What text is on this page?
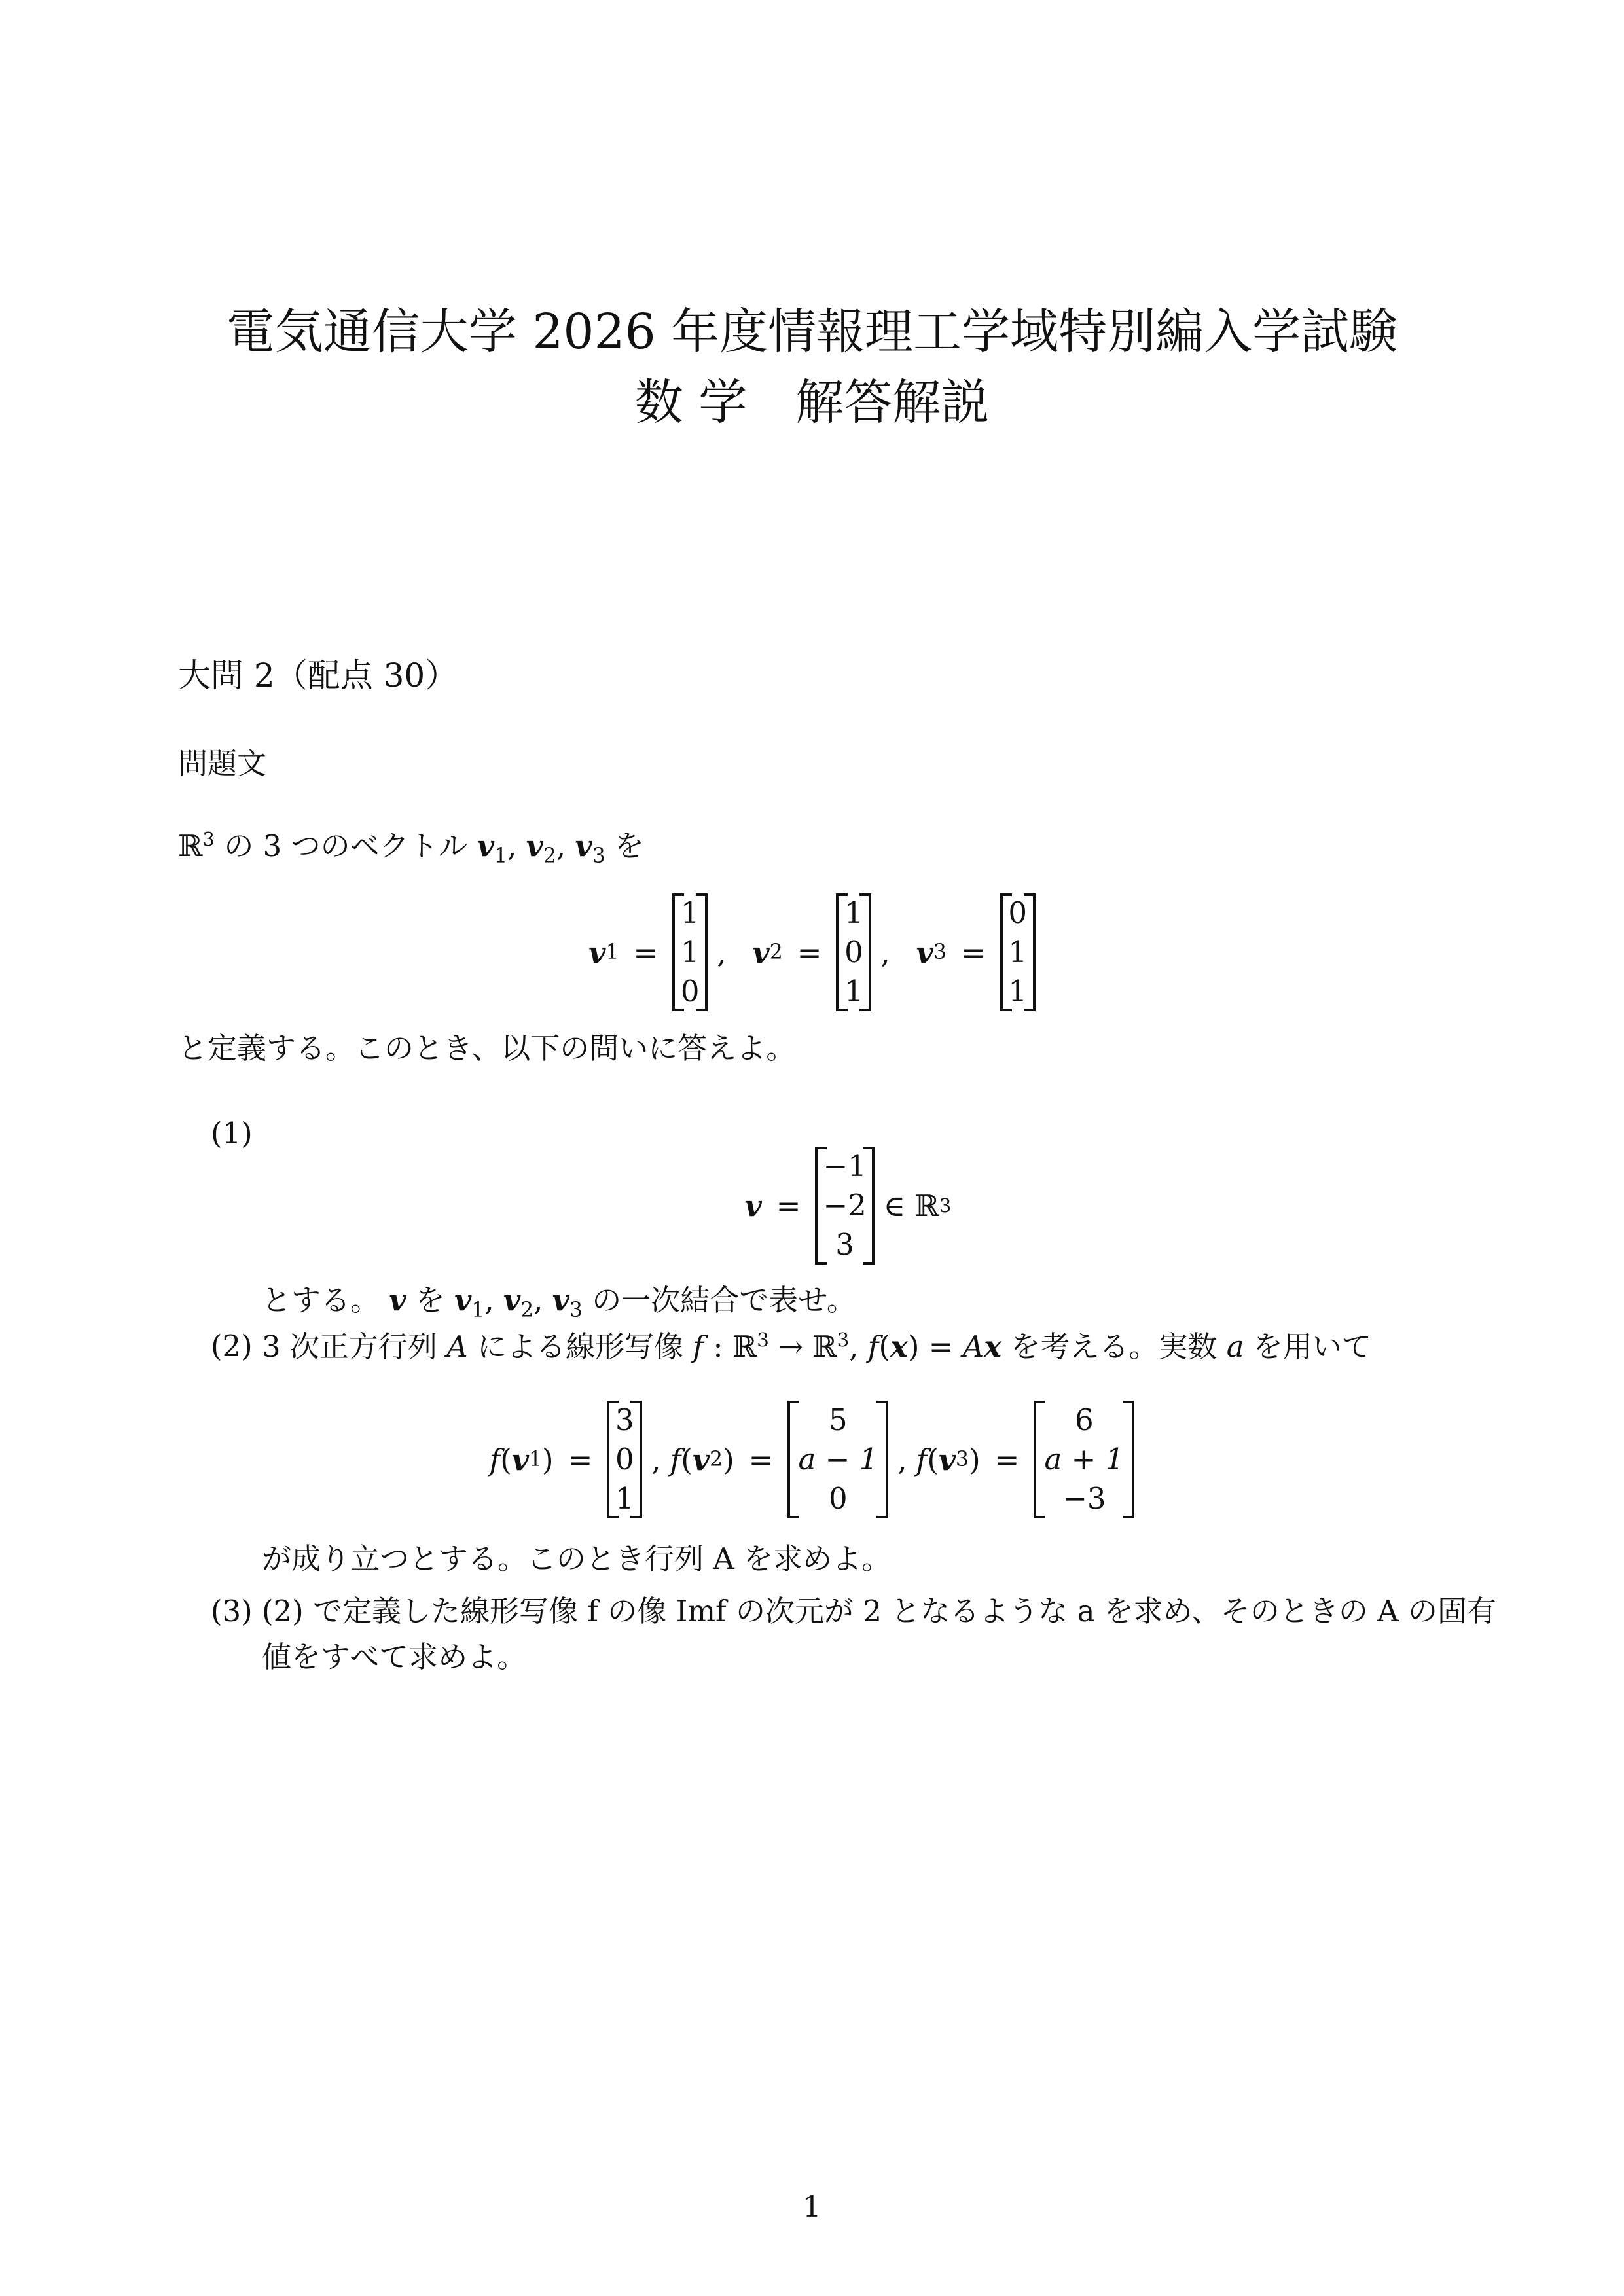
電気通信大学 2026 年度情報理工学域特別編入学試験
数 学　解答解説
大問 2（配点 30）
問題文
ℝ$^3$ の 3 つのベクトル $v_1$, $v_2$, $v_3$ を
v 1 =
1
1
0
, v 2 =
1
0
1
, v 3 =
0
1
1
と定義する。このとき、以下の問いに答えよ。
(1)
v =
−1
−2
3
∈ ℝ 3
とする。 v を $v_1$, $v_2$, $v_3$ の一次結合で表せ。
(2) 3 次正方行列 A による線形写像 f : ℝ$^3$ → ℝ$^3$, f(x) = Ax を考える。実数 a を用いて
f ( v 1 ) =
3
0
1
, f ( v 2 ) =
5
a − 1
0
, f ( v 3 ) =
6
a + 1
−3
が成り立つとする。このとき行列 A を求めよ。
(3) (2) で定義した線形写像 f の像 Imf の次元が 2 となるような a を求め、そのときの A の固有
値をすべて求めよ。
1
